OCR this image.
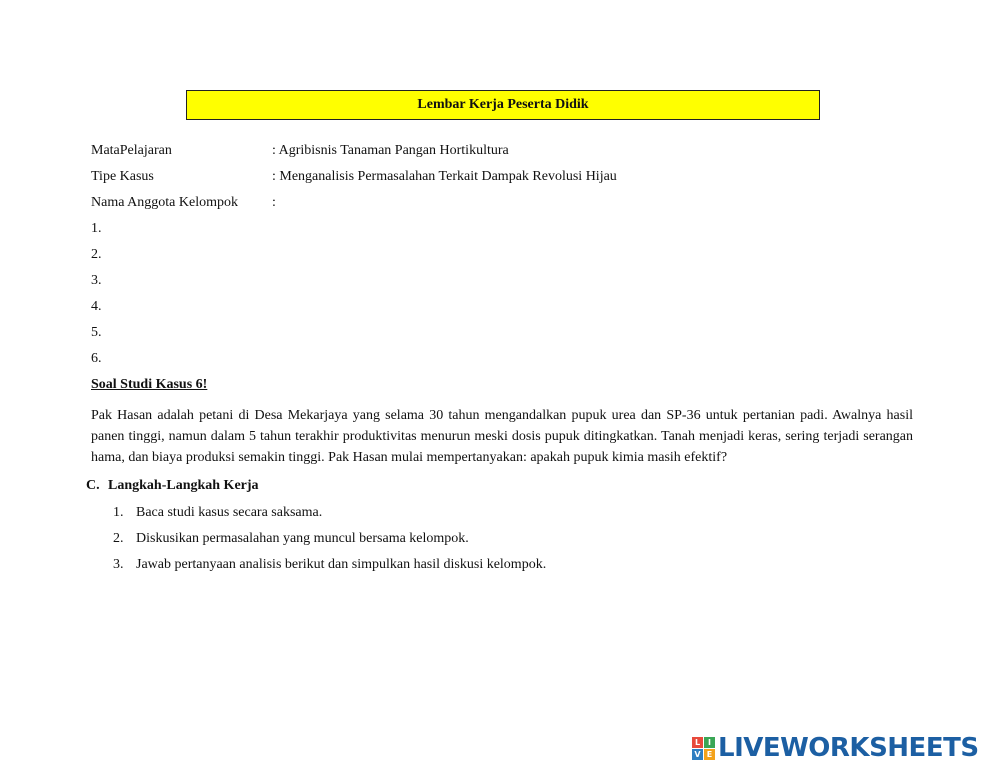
Lembar Kerja Peserta Didik
MataPelajaran	: Agribisnis Tanaman Pangan Hortikultura
Tipe Kasus	: Menganalisis Permasalahan Terkait Dampak Revolusi Hijau
Nama Anggota Kelompok :
1.
2.
3.
4.
5.
6.
Soal Studi Kasus 6!
Pak Hasan adalah petani di Desa Mekarjaya yang selama 30 tahun mengandalkan pupuk urea dan SP-36 untuk pertanian padi. Awalnya hasil panen tinggi, namun dalam 5 tahun terakhir produktivitas menurun meski dosis pupuk ditingkatkan. Tanah menjadi keras, sering terjadi serangan hama, dan biaya produksi semakin tinggi. Pak Hasan mulai mempertanyakan: apakah pupuk kimia masih efektif?
C. Langkah-Langkah Kerja
1. Baca studi kasus secara saksama.
2. Diskusikan permasalahan yang muncul bersama kelompok.
3. Jawab pertanyaan analisis berikut dan simpulkan hasil diskusi kelompok.
L I
V E LIVEWORKSHEETS
